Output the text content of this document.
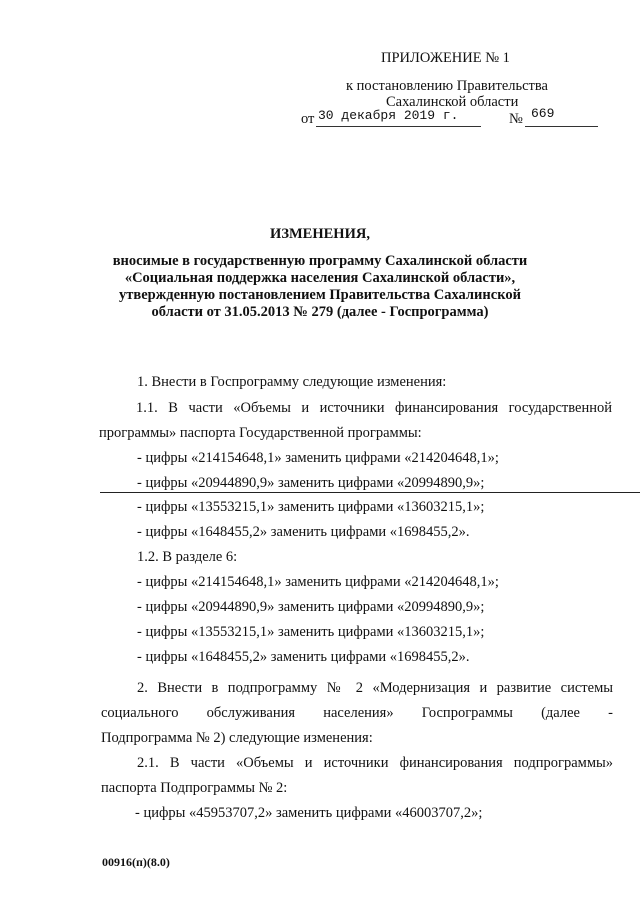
ПРИЛОЖЕНИЕ № 1
к постановлению Правительства
Сахалинской области
от 30 декабря 2019 г.	№ 669
ИЗМЕНЕНИЯ,
вносимые в государственную программу Сахалинской области
«Социальная поддержка населения Сахалинской области»,
утвержденную постановлением Правительства Сахалинской
области от 31.05.2013 № 279 (далее - Госпрограмма)
1. Внести в Госпрограмму следующие изменения:
1.1. В части «Объемы и источники финансирования государственной
программы» паспорта Государственной программы:
- цифры «214154648,1» заменить цифрами «214204648,1»;
- цифры «20944890,9» заменить цифрами «20994890,9»;
- цифры «13553215,1» заменить цифрами «13603215,1»;
- цифры «1648455,2» заменить цифрами «1698455,2».
1.2. В разделе 6:
- цифры «214154648,1» заменить цифрами «214204648,1»;
- цифры «20944890,9» заменить цифрами «20994890,9»;
- цифры «13553215,1» заменить цифрами «13603215,1»;
- цифры «1648455,2» заменить цифрами «1698455,2».
2. Внести в подпрограмму № 2 «Модернизация и развитие системы
социального обслуживания населения» Госпрограммы (далее -
Подпрограмма № 2) следующие изменения:
2.1. В части «Объемы и источники финансирования подпрограммы»
паспорта Подпрограммы № 2:
- цифры «45953707,2» заменить цифрами «46003707,2»;
00916(п)(8.0)
